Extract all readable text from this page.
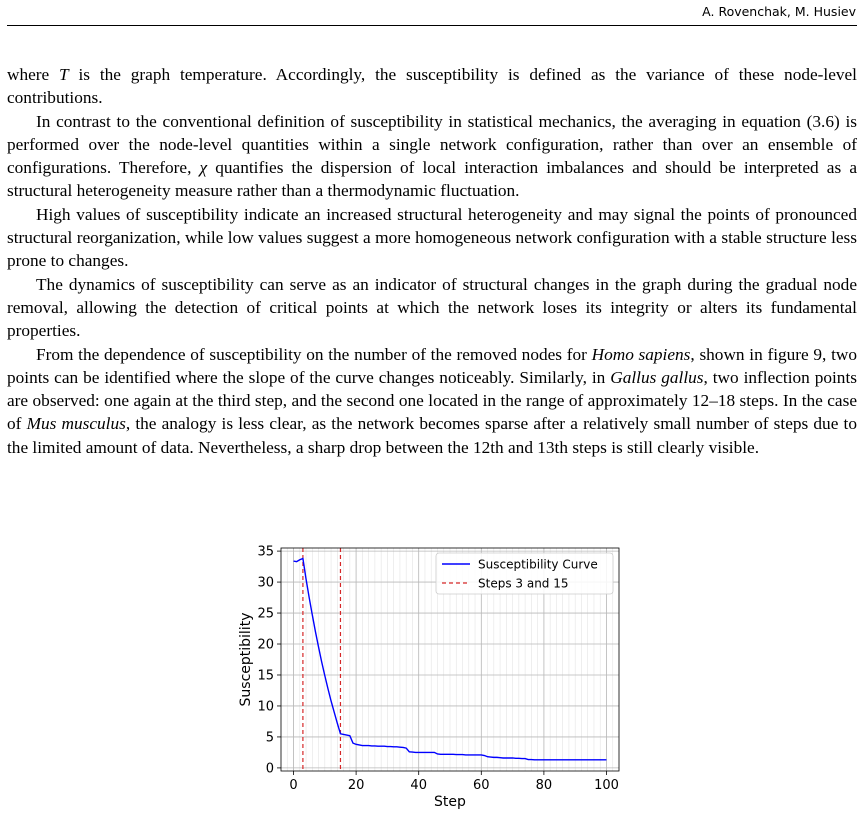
A. Rovenchak, M. Husiev

where T is the graph temperature. Accordingly, the susceptibility is defined as the variance of these node-level contributions.

In contrast to the conventional definition of susceptibility in statistical mechanics, the averaging in equation (3.6) is performed over the node-level quantities within a single network configuration, rather than over an ensemble of configurations. Therefore, χ quantifies the dispersion of local interaction imbalances and should be interpreted as a structural heterogeneity measure rather than a thermodynamic fluctuation.

High values of susceptibility indicate an increased structural heterogeneity and may signal the points of pronounced structural reorganization, while low values suggest a more homogeneous network configuration with a stable structure less prone to changes.

The dynamics of susceptibility can serve as an indicator of structural changes in the graph during the gradual node removal, allowing the detection of critical points at which the network loses its integrity or alters its fundamental properties.

From the dependence of susceptibility on the number of the removed nodes for Homo sapiens, shown in figure 9, two points can be identified where the slope of the curve changes noticeably. Similarly, in Gallus gallus, two inflection points are observed: one again at the third step, and the second one located in the range of approximately 12–18 steps. In the case of Mus musculus, the analogy is less clear, as the network becomes sparse after a relatively small number of steps due to the limited amount of data. Nevertheless, a sharp drop between the 12th and 13th steps is still clearly visible.

0	20	40	60	80	100
0
5
10
15
20
25
30
35
Step
Susceptibility
Susceptibility Curve
Steps 3 and 15
